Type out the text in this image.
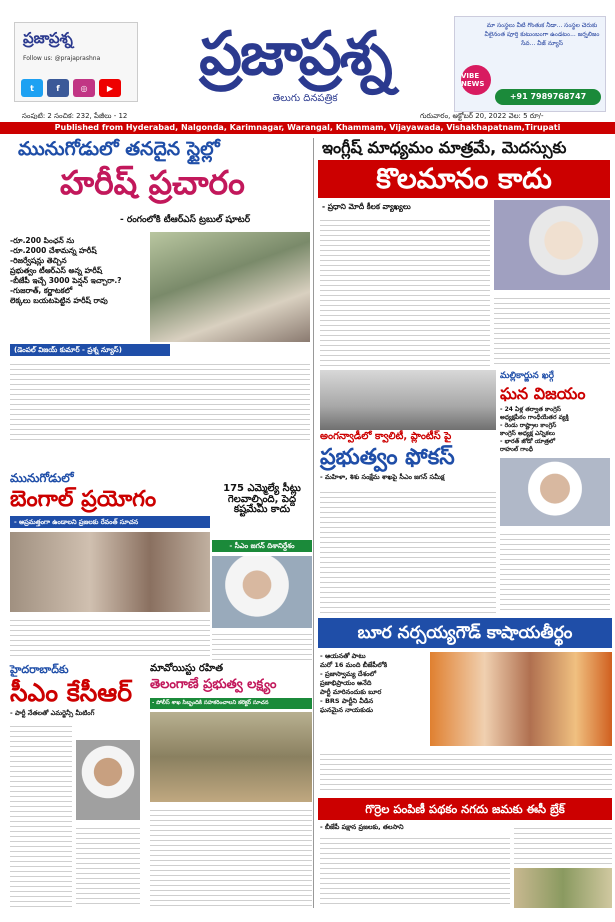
ప్రజాప్రశ్న
Follow us: @prajaprashna
t	f	◎	▶	ప్రజాప్రశ్న
తెలుగు దినపత్రిక
మా సంస్థలు వీటి గొంతుక నీడా... సంస్థల చెరుకు వీలైనంత పూర్తి కుటుంబంగా ఉండటం... జర్నలిజం సేవ... వీజ్ న్యూస్
VIBE NEWS
+91 7989768747
సంపుటి: 2 సంచిక: 232, పేజీలు - 12	గురువారం, అక్టోబర్ 20, 2022 వెల: 5 రూ/-
Published from Hyderabad, Nalgonda, Karimnagar, Warangal, Khammam, Vijayawada, Vishakhapatnam,Tirupati
మునుగోడులో తనదైన స్టైల్లో
హరీష్ ప్రచారం
- రంగంలోకి టీఆర్ఎస్ ట్రబుల్ షూటర్
-రూ.200 పింఛన్ ను
-రూ.2000 చేశామన్న హరీష్
-రిజర్వేషన్లు తెచ్చిన
ప్రభుత్వం టీఆర్ఎస్ అన్న హరీష్
-బీజేపీ ఇచ్చే 3000 పెన్షన్ ఇచ్చారా.?
-గుజరాత్, కర్ణాటకలో
లెక్కలు బయటపెట్టిన హరీష్ రావు
(డెంపల్ విజయ్ కుమార్ - ప్రశ్న న్యూస్)
ఇంగ్లీష్ మాధ్యమం మాత్రమే, మెదస్సుకు
కొలమానం కాదు
- ప్రధాని మోదీ కీలక వ్యాఖ్యలు
మల్లికార్జున ఖర్గే
ఘన విజయం
- 24 ఏళ్ల తర్వాత కాంగ్రెస్
అధ్యక్షపీఠం గాంధీయేతర వ్యక్తి
- రెండు రాష్ట్రాల కాంగ్రెస్
కాంగ్రెస్ అధ్యక్ష ఎన్నికలు
- భారత్ జోడో యాత్రలో
రాహుల్ గాంధీ
అంగన్వాడీలో క్వాలిటీ, ప్లాంటీస్ పై
ప్రభుత్వం ఫోకస్
- మహిళా, శిశు సంక్షేమ శాఖపై సీఎం జగన్ సమీక్ష
మునుగోడులో
బెంగాల్ ప్రయోగం
- అప్రమత్తంగా ఉండాలని ప్రజలకు రేవంత్ సూచన
175 ఎమ్మెల్యే సీట్లు గెలవాల్సింది, పెద్ద కష్టమేమీ కాదు
- సీఎం జగన్ దిశానిర్దేశం
బూర నర్సయ్యగౌడ్ కాషాయతీర్థం
- ఆయనతో పాటు
మరో 16 మంది బీజేపీలోకి
- ప్రజాస్వామ్య దేశంలో
ప్రజాభిప్రాయం అనేది
పార్టీ మారినందుకు బూర
- BRS పార్టీని వీడిన
ఘనమైన నాయకుడు
హైదరాబాద్‌కు
సీఎం కేసీఆర్
- పార్టీ నేతలతో ఎమర్జెన్సీ మీటింగ్
మావోయిస్టు రహిత
తెలంగాణే ప్రభుత్వ లక్ష్యం
- పోలీస్ శాఖ సిబ్బందికి సహకరించాలని కలెక్టర్ సూచన
గొర్రెల పంపిణీ పథకం నగదు జమకు ఈసీ బ్రేక్
- బీజేపీ పక్షాన ప్రజలకు, తలసాని
